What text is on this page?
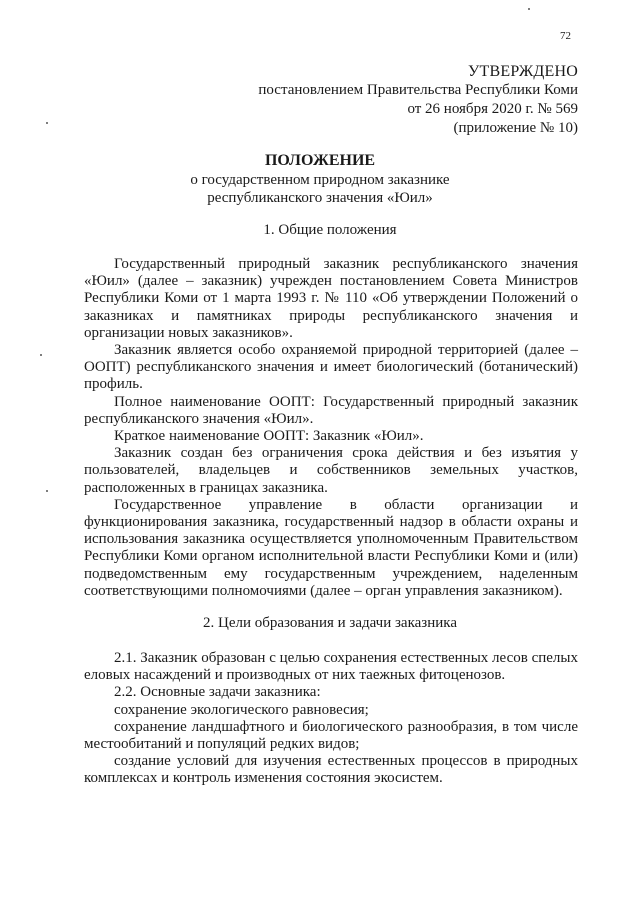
72
УТВЕРЖДЕНО
постановлением Правительства Республики Коми
от 26 ноября 2020 г. № 569
(приложение № 10)
ПОЛОЖЕНИЕ
о государственном природном заказнике
республиканского значения «Юил»
1. Общие положения

Государственный природный заказник республиканского значения «Юил» (далее – заказник) учрежден постановлением Совета Министров Республики Коми от 1 марта 1993 г. № 110 «Об утверждении Положений о заказниках и памятниках природы республиканского значения и организации новых заказников».

Заказник является особо охраняемой природной территорией (далее – ООПТ) республиканского значения и имеет биологический (ботанический) профиль.

Полное наименование ООПТ: Государственный природный заказник республиканского значения «Юил».

Краткое наименование ООПТ: Заказник «Юил».

Заказник создан без ограничения срока действия и без изъятия у пользователей, владельцев и собственников земельных участков, расположенных в границах заказника.

Государственное управление в области организации и функционирования заказника, государственный надзор в области охраны и использования заказника осуществляется уполномоченным Правительством Республики Коми органом исполнительной власти Республики Коми и (или) подведомственным ему государственным учреждением, наделенным соответствующими полномочиями (далее – орган управления заказником).

2. Цели образования и задачи заказника

2.1. Заказник образован с целью сохранения естественных лесов спелых еловых насаждений и производных от них таежных фитоценозов.

2.2. Основные задачи заказника:

сохранение экологического равновесия;

сохранение ландшафтного и биологического разнообразия, в том числе местообитаний и популяций редких видов;

создание условий для изучения естественных процессов в природных комплексах и контроль изменения состояния экосистем.
